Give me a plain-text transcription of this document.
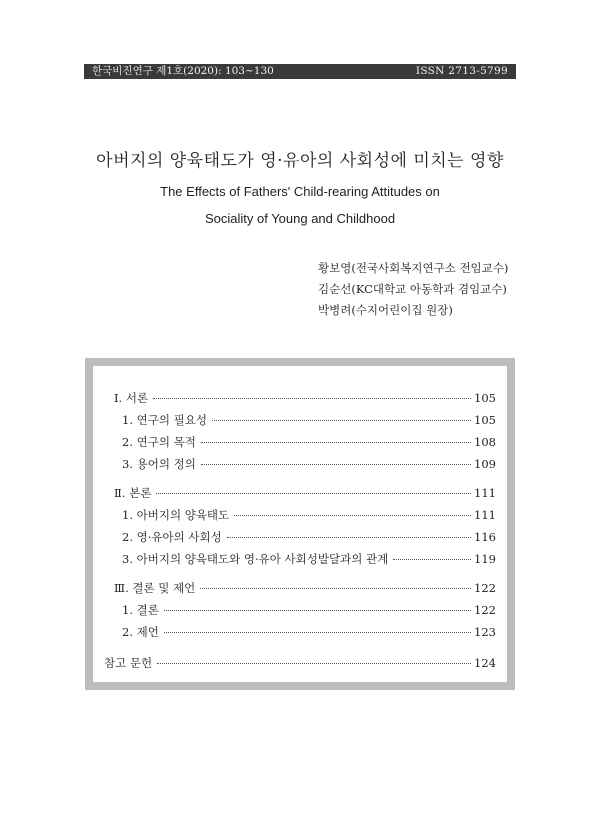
한국비진연구 제1호(2020): 103~130	ISSN 2713-5799
아버지의 양육태도가 영·유아의 사회성에 미치는 영향
The Effects of Fathers' Child-rearing Attitudes on
Sociality of Young and Childhood
황보영(전국사회복지연구소 전임교수)
김순선(KC대학교 아동학과 겸임교수)
박병려(수지어린이집 원장)
Ⅰ. 서론	105
1. 연구의 필요성	105
2. 연구의 목적	108
3. 용어의 정의	109
Ⅱ. 본론	111
1. 아버지의 양육태도	111
2. 영·유아의 사회성	116
3. 아버지의 양육태도와 영·유아 사회성발달과의 관계	119
Ⅲ. 결론 및 제언	122
1. 결론	122
2. 제언	123
참고 문헌	124
